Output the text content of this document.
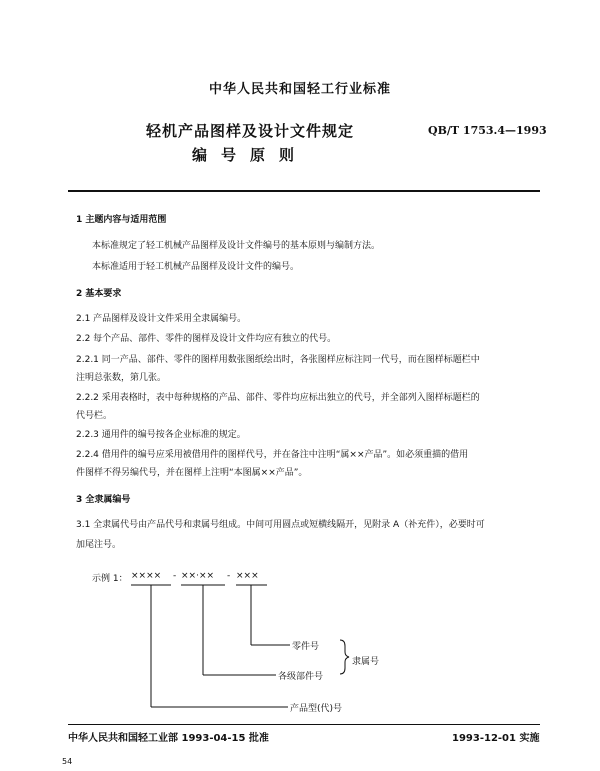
中华人民共和国轻工行业标准
轻机产品图样及设计文件规定
编号原则
QB/T 1753.4—1993
1 主题内容与适用范围
本标准规定了轻工机械产品图样及设计文件编号的基本原则与编制方法。
本标准适用于轻工机械产品图样及设计文件的编号。
2 基本要求
2.1 产品图样及设计文件采用全隶属编号。
2.2 每个产品、部件、零件的图样及设计文件均应有独立的代号。
2.2.1 同一产品、部件、零件的图样用数张图纸绘出时，各张图样应标注同一代号，而在图样标题栏中
注明总张数，第几张。
2.2.2 采用表格时，表中每种规格的产品、部件、零件均应标出独立的代号，并全部列入图样标题栏的
代号栏。
2.2.3 通用件的编号按各企业标准的规定。
2.2.4 借用件的编号应采用被借用件的图样代号，并在备注中注明“属××产品”。如必须重描的借用
件图样不得另编代号，并在图样上注明“本图属××产品”。
3 全隶属编号
3.1 全隶属代号由产品代号和隶属号组成。中间可用圆点或短横线隔开，见附录 A（补充件），必要时可
加尾注号。
示例 1： ×××× - ××·×× - ×××
零件号
各级部件号
隶属号
产品型(代)号
中华人民共和国轻工业部 1993-04-15 批准	1993-12-01 实施
54
